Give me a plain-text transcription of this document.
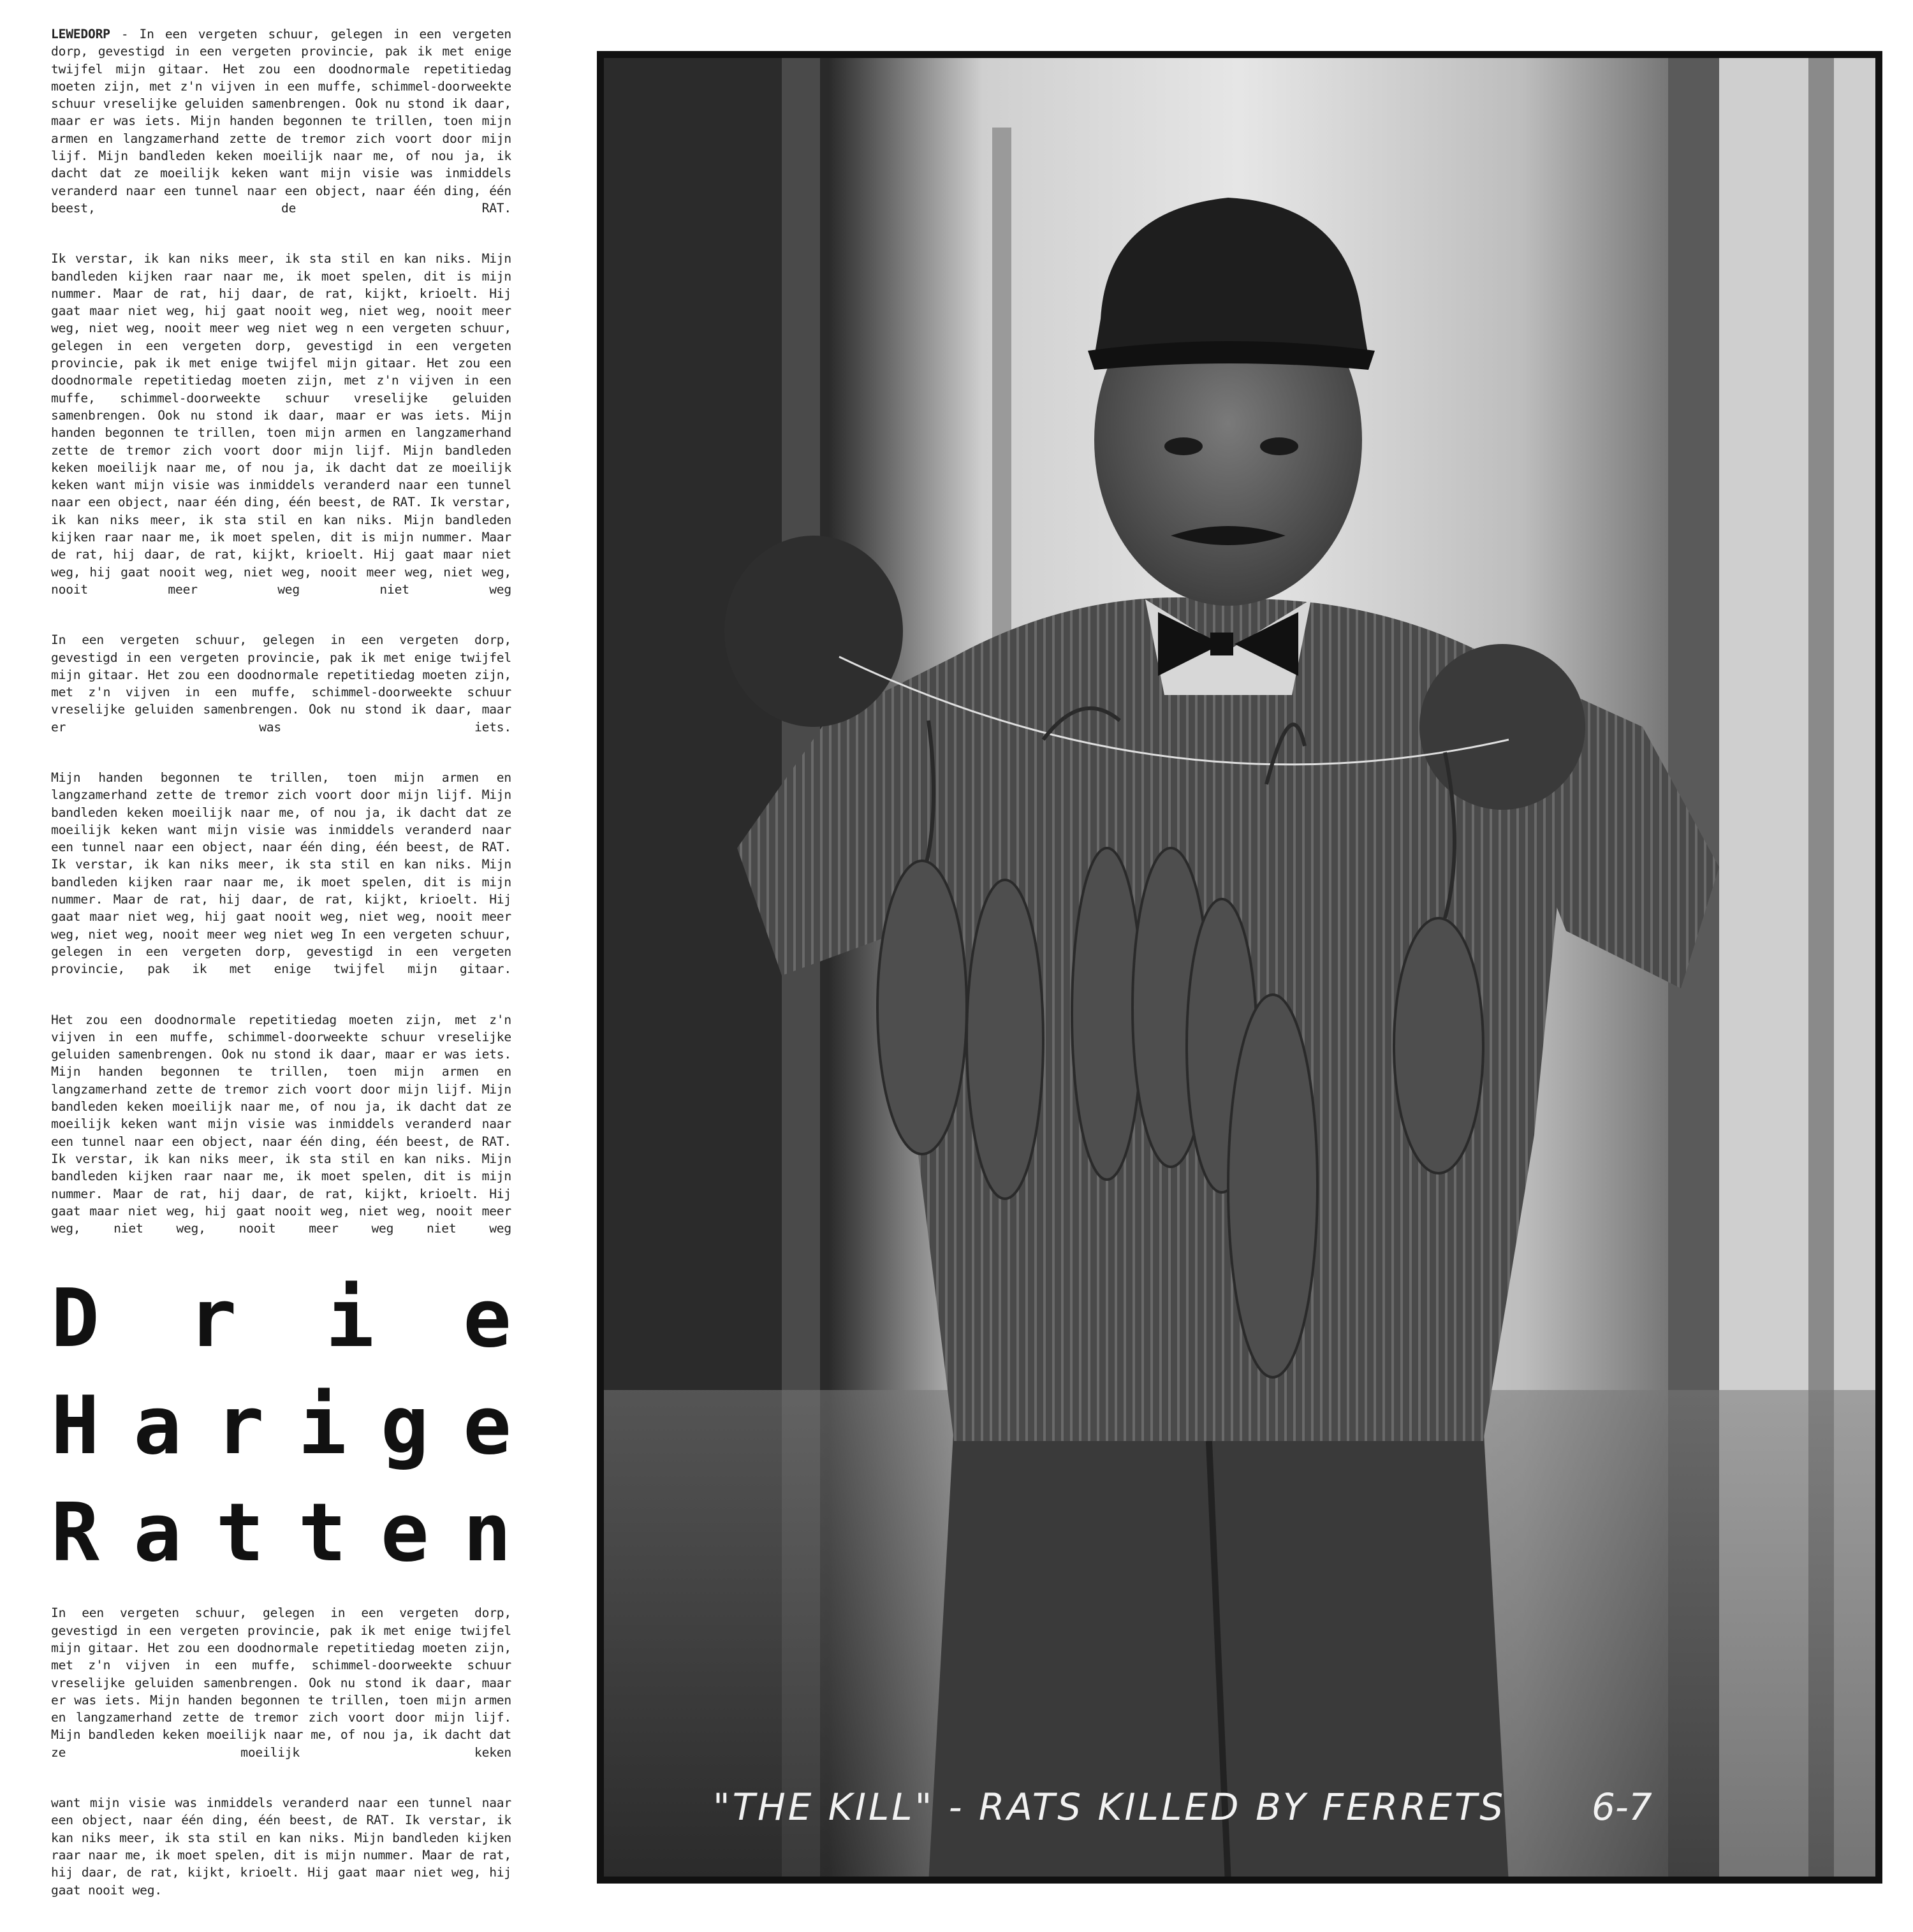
LEWEDORP - In een vergeten schuur, gelegen in een vergeten dorp, gevestigd in een vergeten provincie, pak ik met enige twijfel mijn gitaar. Het zou een doodnormale repetitiedag moeten zijn, met z'n vijven in een muffe, schimmel-doorweekte schuur vreselijke geluiden samenbrengen. Ook nu stond ik daar, maar er was iets. Mijn handen begonnen te trillen, toen mijn armen en langzamerhand zette de tremor zich voort door mijn lijf. Mijn bandleden keken moeilijk naar me, of nou ja, ik dacht dat ze moeilijk keken want mijn visie was inmiddels veranderd naar een tunnel naar een object, naar één ding, één beest, de RAT.

Ik verstar, ik kan niks meer, ik sta stil en kan niks. Mijn bandleden kijken raar naar me, ik moet spelen, dit is mijn nummer. Maar de rat, hij daar, de rat, kijkt, krioelt. Hij gaat maar niet weg, hij gaat nooit weg, niet weg, nooit meer weg, niet weg, nooit meer weg niet weg n een vergeten schuur, gelegen in een vergeten dorp, gevestigd in een vergeten provincie, pak ik met enige twijfel mijn gitaar. Het zou een doodnormale repetitiedag moeten zijn, met z'n vijven in een muffe, schimmel-doorweekte schuur vreselijke geluiden samenbrengen. Ook nu stond ik daar, maar er was iets. Mijn handen begonnen te trillen, toen mijn armen en langzamerhand zette de tremor zich voort door mijn lijf. Mijn bandleden keken moeilijk naar me, of nou ja, ik dacht dat ze moeilijk keken want mijn visie was inmiddels veranderd naar een tunnel naar een object, naar één ding, één beest, de RAT. Ik verstar, ik kan niks meer, ik sta stil en kan niks. Mijn bandleden kijken raar naar me, ik moet spelen, dit is mijn nummer. Maar de rat, hij daar, de rat, kijkt, krioelt. Hij gaat maar niet weg, hij gaat nooit weg, niet weg, nooit meer weg, niet weg, nooit meer weg niet weg

In een vergeten schuur, gelegen in een vergeten dorp, gevestigd in een vergeten provincie, pak ik met enige twijfel mijn gitaar. Het zou een doodnormale repetitiedag moeten zijn, met z'n vijven in een muffe, schimmel-doorweekte schuur vreselijke geluiden samenbrengen. Ook nu stond ik daar, maar er was iets.

Mijn handen begonnen te trillen, toen mijn armen en langzamerhand zette de tremor zich voort door mijn lijf. Mijn bandleden keken moeilijk naar me, of nou ja, ik dacht dat ze moeilijk keken want mijn visie was inmiddels veranderd naar een tunnel naar een object, naar één ding, één beest, de RAT. Ik verstar, ik kan niks meer, ik sta stil en kan niks. Mijn bandleden kijken raar naar me, ik moet spelen, dit is mijn nummer. Maar de rat, hij daar, de rat, kijkt, krioelt. Hij gaat maar niet weg, hij gaat nooit weg, niet weg, nooit meer weg, niet weg, nooit meer weg niet weg In een vergeten schuur, gelegen in een vergeten dorp, gevestigd in een vergeten provincie, pak ik met enige twijfel mijn gitaar.

Het zou een doodnormale repetitiedag moeten zijn, met z'n vijven in een muffe, schimmel-doorweekte schuur vreselijke geluiden samenbrengen. Ook nu stond ik daar, maar er was iets. Mijn handen begonnen te trillen, toen mijn armen en langzamerhand zette de tremor zich voort door mijn lijf. Mijn bandleden keken moeilijk naar me, of nou ja, ik dacht dat ze moeilijk keken want mijn visie was inmiddels veranderd naar een tunnel naar een object, naar één ding, één beest, de RAT. Ik verstar, ik kan niks meer, ik sta stil en kan niks. Mijn bandleden kijken raar naar me, ik moet spelen, dit is mijn nummer. Maar de rat, hij daar, de rat, kijkt, krioelt. Hij gaat maar niet weg, hij gaat nooit weg, niet weg, nooit meer weg, niet weg, nooit meer weg niet weg

D r i e
H a r i g e
R a t t e n

In een vergeten schuur, gelegen in een vergeten dorp, gevestigd in een vergeten provincie, pak ik met enige twijfel mijn gitaar. Het zou een doodnormale repetitiedag moeten zijn, met z'n vijven in een muffe, schimmel-doorweekte schuur vreselijke geluiden samenbrengen. Ook nu stond ik daar, maar er was iets. Mijn handen begonnen te trillen, toen mijn armen en langzamerhand zette de tremor zich voort door mijn lijf. Mijn bandleden keken moeilijk naar me, of nou ja, ik dacht dat ze moeilijk keken

want mijn visie was inmiddels veranderd naar een tunnel naar een object, naar één ding, één beest, de RAT. Ik verstar, ik kan niks meer, ik sta stil en kan niks. Mijn bandleden kijken raar naar me, ik moet spelen, dit is mijn nummer. Maar de rat, hij daar, de rat, kijkt, krioelt. Hij gaat maar niet weg, hij gaat nooit weg.

"THE KILL" - RATS KILLED BY FERRETS 6-7
